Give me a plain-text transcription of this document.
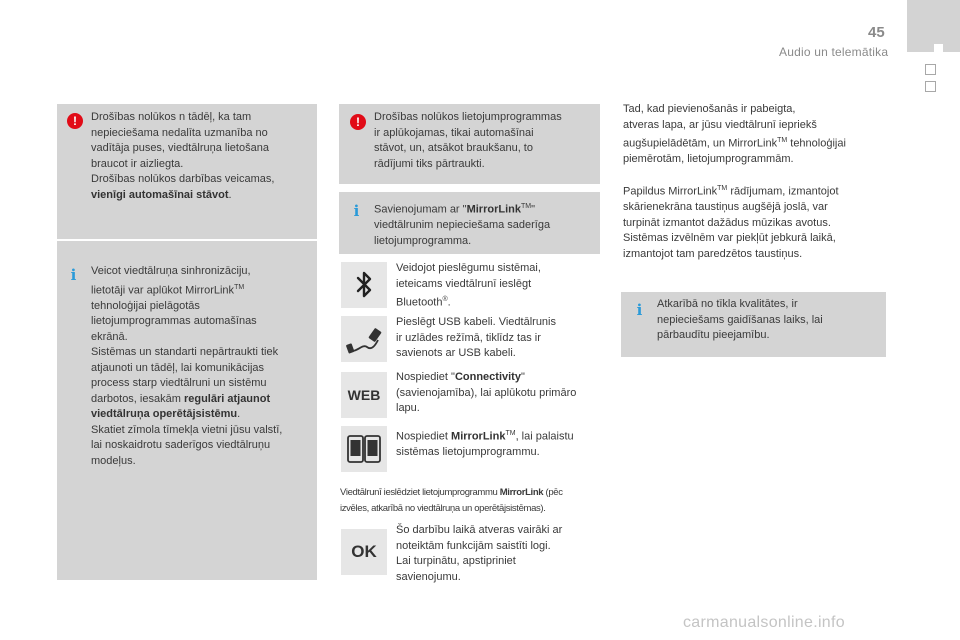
45
Audio un telemātika
!	Drošības nolūkos n tādēļ, ka tam
nepieciešama nedalīta uzmanība no
vadītāja puses, viedtālruņa lietošana
braucot ir aizliegta.
Drošības nolūkos darbības veicamas,
vienīgi automašīnai stāvot.
i	Veicot viedtālruņa sinhronizāciju,
lietotāji var aplūkot MirrorLink™
tehnoloģijai pielāgotās
lietojumprogrammas automašīnas
ekrānā.
Sistēmas un standarti nepārtraukti tiek
atjaunoti un tādēļ, lai komunikācijas
process starp viedtālruni un sistēmu
darbotos, iesakām regulāri atjaunot
viedtālruņa operētājsistēmu.
Skatiet zīmola tīmekļa vietni jūsu valstī,
lai noskaidrotu saderīgos viedtālruņu
modeļus.
!	Drošības nolūkos lietojumprogrammas
ir aplūkojamas, tikai automašīnai
stāvot, un, atsākot braukšanu, to
rādījumi tiks pārtraukti.
i	Savienojumam ar "MirrorLink™"
viedtālrunim nepieciešama saderīga
lietojumprogramma.
Veidojot pieslēgumu sistēmai,
ieteicams viedtālrunī ieslēgt
Bluetooth®.
Pieslēgt USB kabeli. Viedtālrunis
ir uzlādes režīmā, tiklīdz tas ir
savienots ar USB kabeli.
WEB
Nospiediet "Connectivity"
(savienojamība), lai aplūkotu primāro
lapu.
Nospiediet MirrorLink™, lai palaistu
sistēmas lietojumprogrammu.
Viedtālrunī ieslēdziet lietojumprogrammu MirrorLink (pēc
izvēles, atkarībā no viedtālruņa un operētājsistēmas).
OK
Šo darbību laikā atveras vairāki ar
noteiktām funkcijām saistīti logi.
Lai turpinātu, apstipriniet
savienojumu.
Tad, kad pievienošanās ir pabeigta,
atveras lapa, ar jūsu viedtālrunī iepriekš
augšupielādētām, un MirrorLink™ tehnoloģijai
piemērotām, lietojumprogrammām.
Papildus MirrorLink™ rādījumam, izmantojot
skārienekrāna taustiņus augšējā joslā, var
turpināt izmantot dažādus mūzikas avotus.
Sistēmas izvēlnēm var piekļūt jebkurā laikā,
izmantojot tam paredzētos taustiņus.
i	Atkarībā no tīkla kvalitātes, ir
nepieciešams gaidīšanas laiks, lai
pārbaudītu pieejamību.
carmanualsonline.info
